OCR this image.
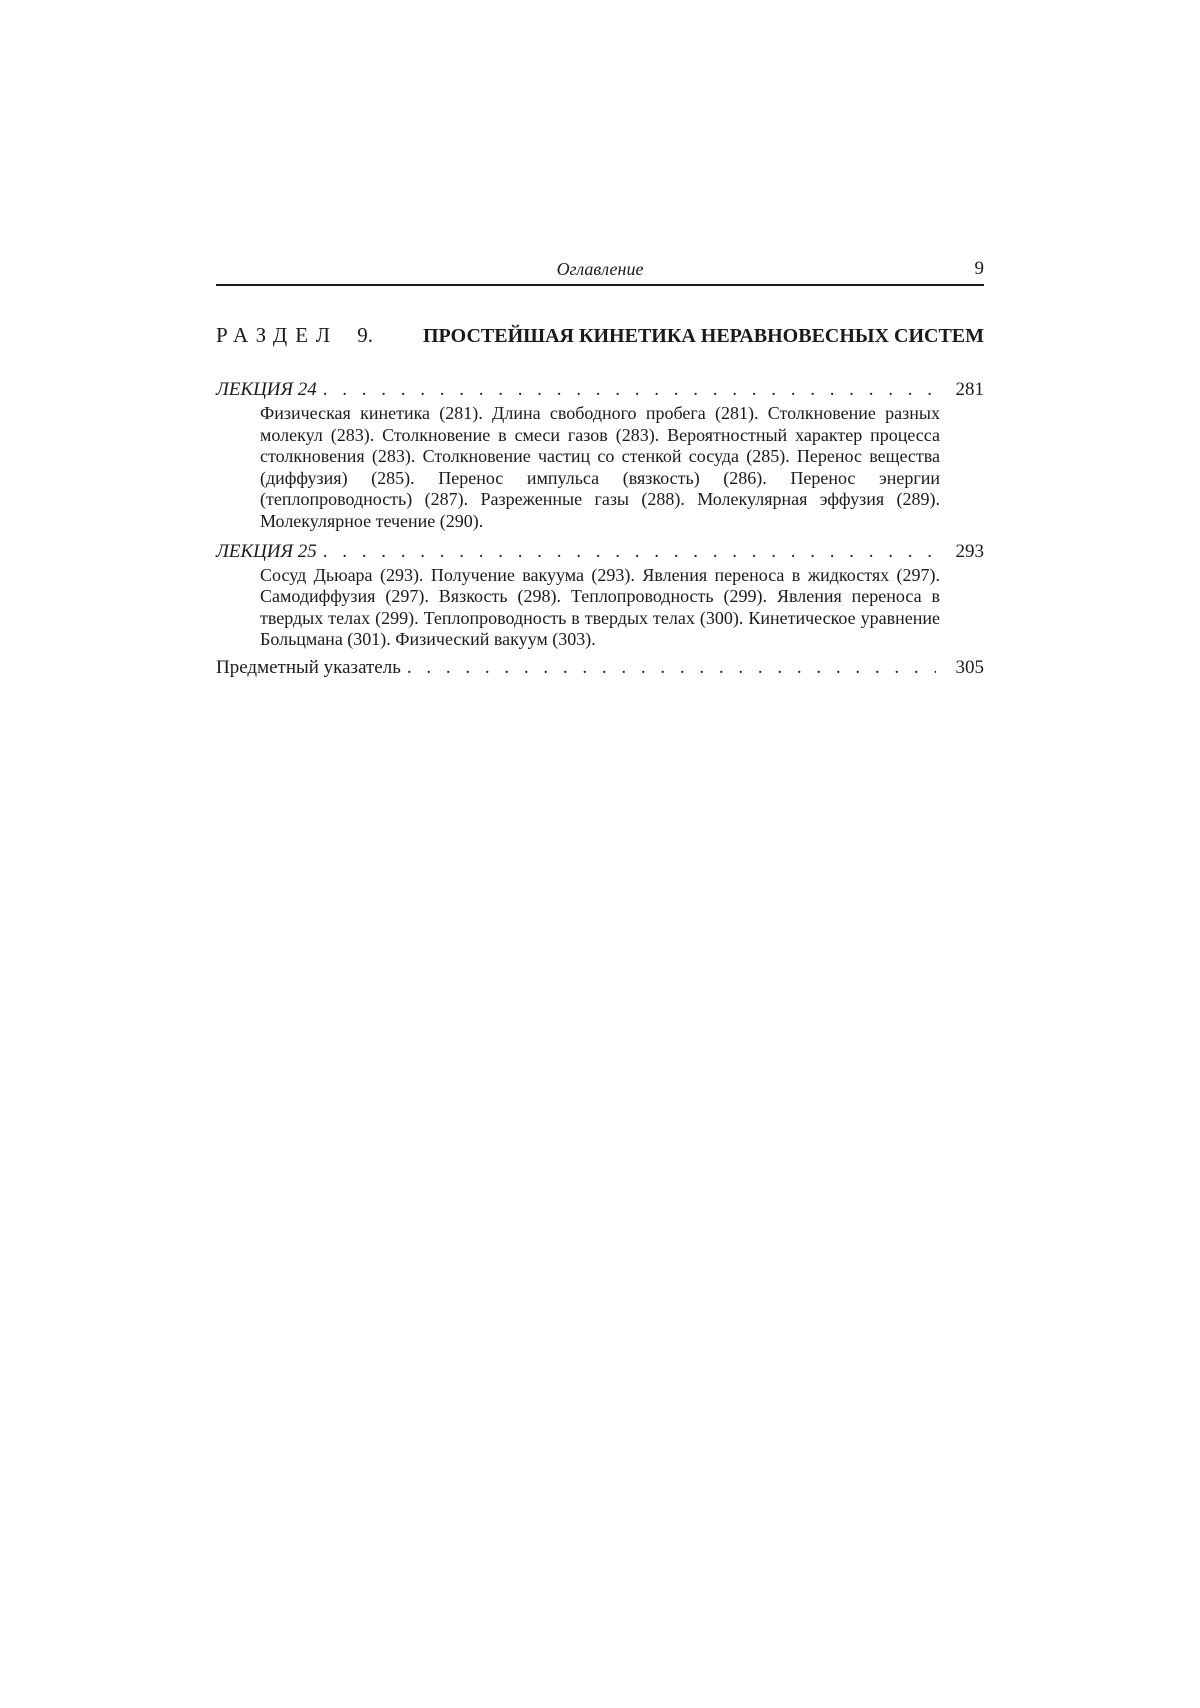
Оглавление	9
РАЗДЕЛ 9.	ПРОСТЕЙШАЯ КИНЕТИКА НЕРАВНОВЕСНЫХ СИСТЕМ
ЛЕКЦИЯ 24 . . .	281
Физическая кинетика (281). Длина свободного пробега (281). Столкновение разных молекул (283). Столкновение в смеси газов (283). Вероятностный характер процесса столкновения (283). Столкновение частиц со стенкой сосуда (285). Перенос вещества (диффузия) (285). Перенос импульса (вязкость) (286). Перенос энергии (теплопроводность) (287). Разреженные газы (288). Молекулярная эффузия (289). Молекулярное течение (290).
ЛЕКЦИЯ 25 . . .	293
Сосуд Дьюара (293). Получение вакуума (293). Явления переноса в жидкостях (297). Самодиффузия (297). Вязкость (298). Теплопроводность (299). Явления переноса в твердых телах (299). Теплопроводность в твердых телах (300). Кинетическое уравнение Больцмана (301). Физический вакуум (303).
Предметный указатель . . .	305
